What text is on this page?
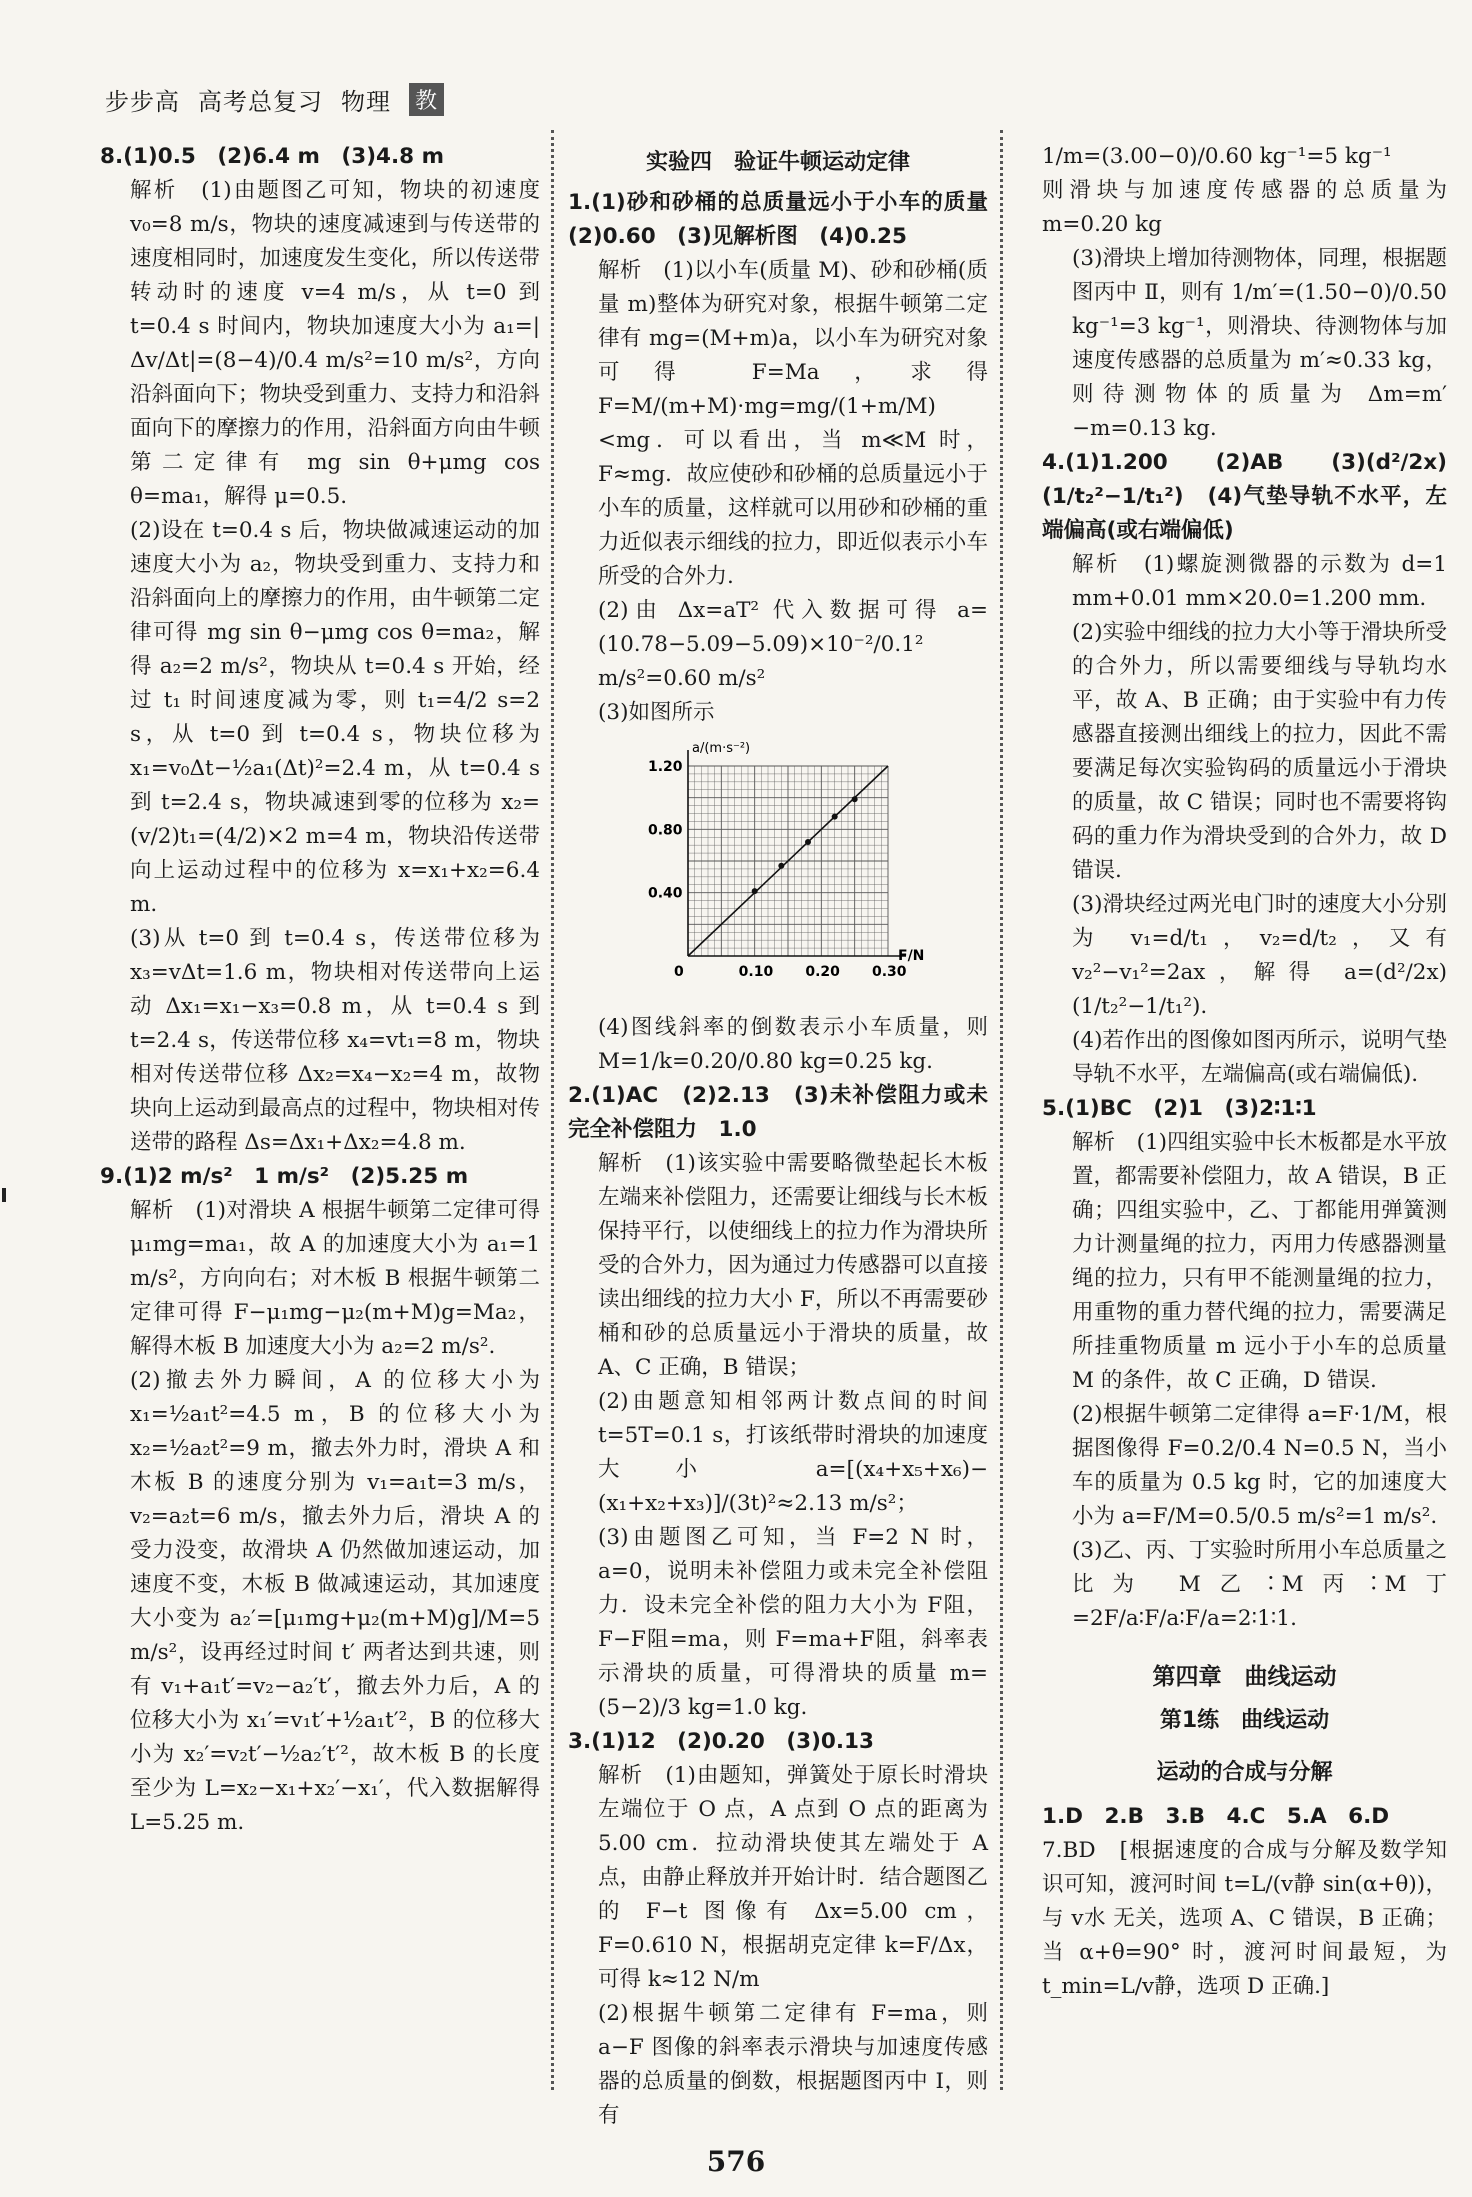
步步高 高考总复习 物理 教

8.(1)0.5　(2)6.4 m　(3)4.8 m

解析　(1)由题图乙可知，物块的初速度 v₀=8 m/s，物块的速度减速到与传送带的速度相同时，加速度发生变化，所以传送带转动时的速度 v=4 m/s，从 t=0 到 t=0.4 s 时间内，物块加速度大小为 a₁=|Δv/Δt|=(8−4)/0.4 m/s²=10 m/s²，方向沿斜面向下；物块受到重力、支持力和沿斜面向下的摩擦力的作用，沿斜面方向由牛顿第二定律有 mg sin θ+μmg cos θ=ma₁，解得 μ=0.5.

(2)设在 t=0.4 s 后，物块做减速运动的加速度大小为 a₂，物块受到重力、支持力和沿斜面向上的摩擦力的作用，由牛顿第二定律可得 mg sin θ−μmg cos θ=ma₂，解得 a₂=2 m/s²，物块从 t=0.4 s 开始，经过 t₁ 时间速度减为零，则 t₁=4/2 s=2 s，从 t=0 到 t=0.4 s，物块位移为 x₁=v₀Δt−½a₁(Δt)²=2.4 m，从 t=0.4 s 到 t=2.4 s，物块减速到零的位移为 x₂=(v/2)t₁=(4/2)×2 m=4 m，物块沿传送带向上运动过程中的位移为 x=x₁+x₂=6.4 m.

(3)从 t=0 到 t=0.4 s，传送带位移为 x₃=vΔt=1.6 m，物块相对传送带向上运动 Δx₁=x₁−x₃=0.8 m，从 t=0.4 s 到 t=2.4 s，传送带位移 x₄=vt₁=8 m，物块相对传送带位移 Δx₂=x₄−x₂=4 m，故物块向上运动到最高点的过程中，物块相对传送带的路程 Δs=Δx₁+Δx₂=4.8 m.

9.(1)2 m/s²　1 m/s²　(2)5.25 m

解析　(1)对滑块 A 根据牛顿第二定律可得 μ₁mg=ma₁，故 A 的加速度大小为 a₁=1 m/s²，方向向右；对木板 B 根据牛顿第二定律可得 F−μ₁mg−μ₂(m+M)g=Ma₂，解得木板 B 加速度大小为 a₂=2 m/s².

(2)撤去外力瞬间，A 的位移大小为 x₁=½a₁t²=4.5 m，B 的位移大小为 x₂=½a₂t²=9 m，撤去外力时，滑块 A 和木板 B 的速度分别为 v₁=a₁t=3 m/s，v₂=a₂t=6 m/s，撤去外力后，滑块 A 的受力没变，故滑块 A 仍然做加速运动，加速度不变，木板 B 做减速运动，其加速度大小变为 a₂′=[μ₁mg+μ₂(m+M)g]/M=5 m/s²，设再经过时间 t′ 两者达到共速，则有 v₁+a₁t′=v₂−a₂′t′，撤去外力后，A 的位移大小为 x₁′=v₁t′+½a₁t′²，B 的位移大小为 x₂′=v₂t′−½a₂′t′²，故木板 B 的长度至少为 L=x₂−x₁+x₂′−x₁′，代入数据解得 L=5.25 m.

实验四　验证牛顿运动定律

1.(1)砂和砂桶的总质量远小于小车的质量　(2)0.60　(3)见解析图　(4)0.25

解析　(1)以小车(质量 M)、砂和砂桶(质量 m)整体为研究对象，根据牛顿第二定律有 mg=(M+m)a，以小车为研究对象可得 F=Ma，求得 F=M/(m+M)·mg=mg/(1+m/M)<mg．可以看出，当 m≪M 时，F≈mg．故应使砂和砂桶的总质量远小于小车的质量，这样就可以用砂和砂桶的重力近似表示细线的拉力，即近似表示小车所受的合外力.

(2)由 Δx=aT² 代入数据可得 a=(10.78−5.09−5.09)×10⁻²/0.1² m/s²=0.60 m/s²

(3)如图所示

a/(m·s⁻²)
F/N
0.10 0.20 0.30
0.40
0.80
1.20
0

(4)图线斜率的倒数表示小车质量，则 M=1/k=0.20/0.80 kg=0.25 kg.

2.(1)AC　(2)2.13　(3)未补偿阻力或未完全补偿阻力　1.0

解析　(1)该实验中需要略微垫起长木板左端来补偿阻力，还需要让细线与长木板保持平行，以使细线上的拉力作为滑块所受的合外力，因为通过力传感器可以直接读出细线的拉力大小 F，所以不再需要砂桶和砂的总质量远小于滑块的质量，故 A、C 正确，B 错误；

(2)由题意知相邻两计数点间的时间 t=5T=0.1 s，打该纸带时滑块的加速度大小 a=[(x₄+x₅+x₆)−(x₁+x₂+x₃)]/(3t)²≈2.13 m/s²；

(3)由题图乙可知，当 F=2 N 时，a=0，说明未补偿阻力或未完全补偿阻力．设未完全补偿的阻力大小为 F阻，F−F阻=ma，则 F=ma+F阻，斜率表示滑块的质量，可得滑块的质量 m=(5−2)/3 kg=1.0 kg.

3.(1)12　(2)0.20　(3)0.13

解析　(1)由题知，弹簧处于原长时滑块左端位于 O 点，A 点到 O 点的距离为 5.00 cm．拉动滑块使其左端处于 A 点，由静止释放并开始计时．结合题图乙的 F−t 图像有 Δx=5.00 cm，F=0.610 N，根据胡克定律 k=F/Δx，可得 k≈12 N/m

(2)根据牛顿第二定律有 F=ma，则 a−F 图像的斜率表示滑块与加速度传感器的总质量的倒数，根据题图丙中 Ⅰ，则有

1/m=(3.00−0)/0.60 kg⁻¹=5 kg⁻¹

则滑块与加速度传感器的总质量为 m=0.20 kg

(3)滑块上增加待测物体，同理，根据题图丙中 Ⅱ，则有 1/m′=(1.50−0)/0.50 kg⁻¹=3 kg⁻¹，则滑块、待测物体与加速度传感器的总质量为 m′≈0.33 kg，则待测物体的质量为 Δm=m′−m=0.13 kg.

4.(1)1.200　(2)AB　(3)(d²/2x)(1/t₂²−1/t₁²)　(4)气垫导轨不水平，左端偏高(或右端偏低)

解析　(1)螺旋测微器的示数为 d=1 mm+0.01 mm×20.0=1.200 mm.

(2)实验中细线的拉力大小等于滑块所受的合外力，所以需要细线与导轨均水平，故 A、B 正确；由于实验中有力传感器直接测出细线上的拉力，因此不需要满足每次实验钩码的质量远小于滑块的质量，故 C 错误；同时也不需要将钩码的重力作为滑块受到的合外力，故 D 错误.

(3)滑块经过两光电门时的速度大小分别为 v₁=d/t₁，v₂=d/t₂，又有 v₂²−v₁²=2ax，解得 a=(d²/2x)(1/t₂²−1/t₁²).

(4)若作出的图像如图丙所示，说明气垫导轨不水平，左端偏高(或右端偏低).

5.(1)BC　(2)1　(3)2∶1∶1

解析　(1)四组实验中长木板都是水平放置，都需要补偿阻力，故 A 错误，B 正确；四组实验中，乙、丁都能用弹簧测力计测量绳的拉力，丙用力传感器测量绳的拉力，只有甲不能测量绳的拉力，用重物的重力替代绳的拉力，需要满足所挂重物质量 m 远小于小车的总质量 M 的条件，故 C 正确，D 错误.

(2)根据牛顿第二定律得 a=F·1/M，根据图像得 F=0.2/0.4 N=0.5 N，当小车的质量为 0.5 kg 时，它的加速度大小为 a=F/M=0.5/0.5 m/s²=1 m/s².

(3)乙、丙、丁实验时所用小车总质量之比为 M乙∶M丙∶M丁=2F/a∶F/a∶F/a=2∶1∶1.

第四章　曲线运动
第1练　曲线运动
运动的合成与分解

1.D　2.B　3.B　4.C　5.A　6.D

7.BD　[根据速度的合成与分解及数学知识可知，渡河时间 t=L/(v静 sin(α+θ))，与 v水 无关，选项 A、C 错误，B 正确；当 α+θ=90° 时，渡河时间最短，为 t_min=L/v静，选项 D 正确.]

576
